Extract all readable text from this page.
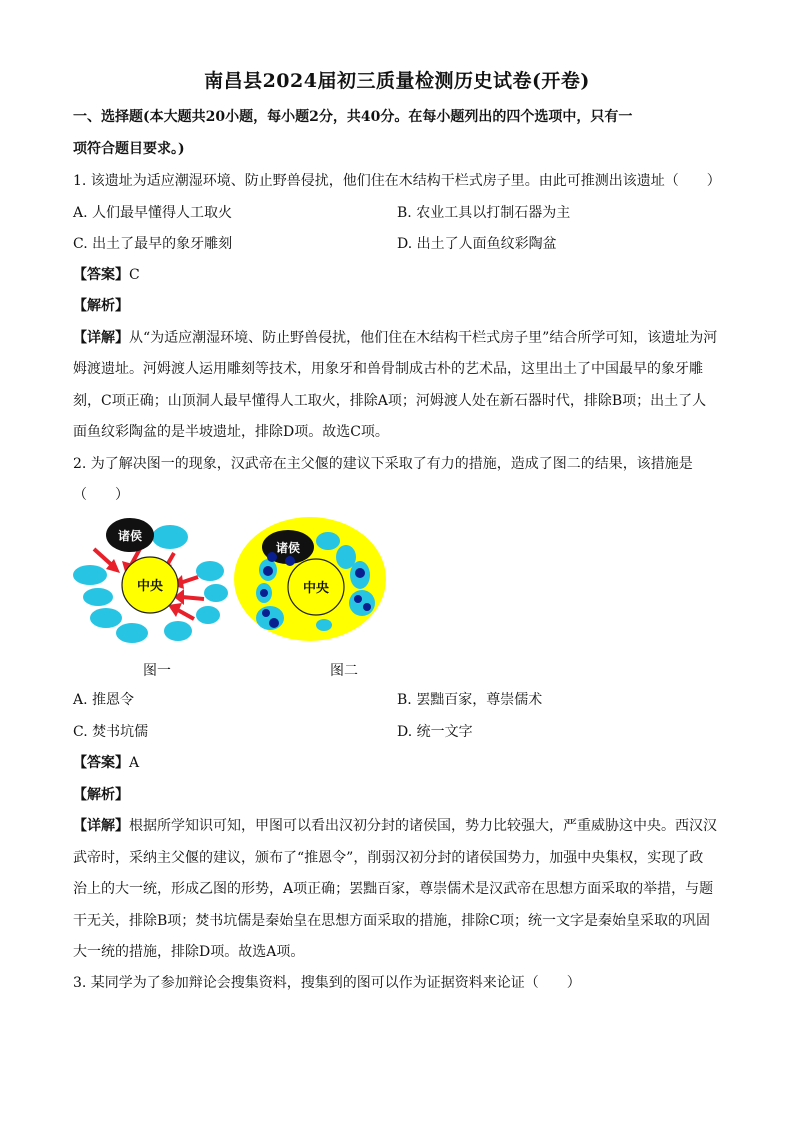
南昌县2024届初三质量检测历史试卷(开卷)
一、选择题(本大题共20小题，每小题2分，共40分。在每小题列出的四个选项中，只有一
项符合题目要求。)
1. 该遗址为适应潮湿环境、防止野兽侵扰，他们住在木结构干栏式房子里。由此可推测出该遗址（　　）
A. 人们最早懂得人工取火	B. 农业工具以打制石器为主
C. 出土了最早的象牙雕刻	D. 出土了人面鱼纹彩陶盆
【答案】C
【解析】
【详解】从“为适应潮湿环境、防止野兽侵扰，他们住在木结构干栏式房子里”结合所学可知，该遗址为河
姆渡遗址。河姆渡人运用雕刻等技术，用象牙和兽骨制成古朴的艺术品，这里出土了中国最早的象牙雕
刻，C项正确；山顶洞人最早懂得人工取火，排除A项；河姆渡人处在新石器时代，排除B项；出土了人
面鱼纹彩陶盆的是半坡遗址，排除D项。故选C项。
2. 为了解决图一的现象，汉武帝在主父偃的建议下采取了有力的措施，造成了图二的结果，该措施是
（　　）
诸侯
中央
诸侯
中央
图一	图二
A. 推恩令	B. 罢黜百家，尊崇儒术
C. 焚书坑儒	D. 统一文字
【答案】A
【解析】
【详解】根据所学知识可知，甲图可以看出汉初分封的诸侯国，势力比较强大，严重威胁这中央。西汉汉
武帝时，采纳主父偃的建议，颁布了“推恩令”，削弱汉初分封的诸侯国势力，加强中央集权，实现了政
治上的大一统，形成乙图的形势，A项正确；罢黜百家，尊崇儒术是汉武帝在思想方面采取的举措，与题
干无关，排除B项；焚书坑儒是秦始皇在思想方面采取的措施，排除C项；统一文字是秦始皇采取的巩固
大一统的措施，排除D项。故选A项。
3. 某同学为了参加辩论会搜集资料，搜集到的图可以作为证据资料来论证（　　）
